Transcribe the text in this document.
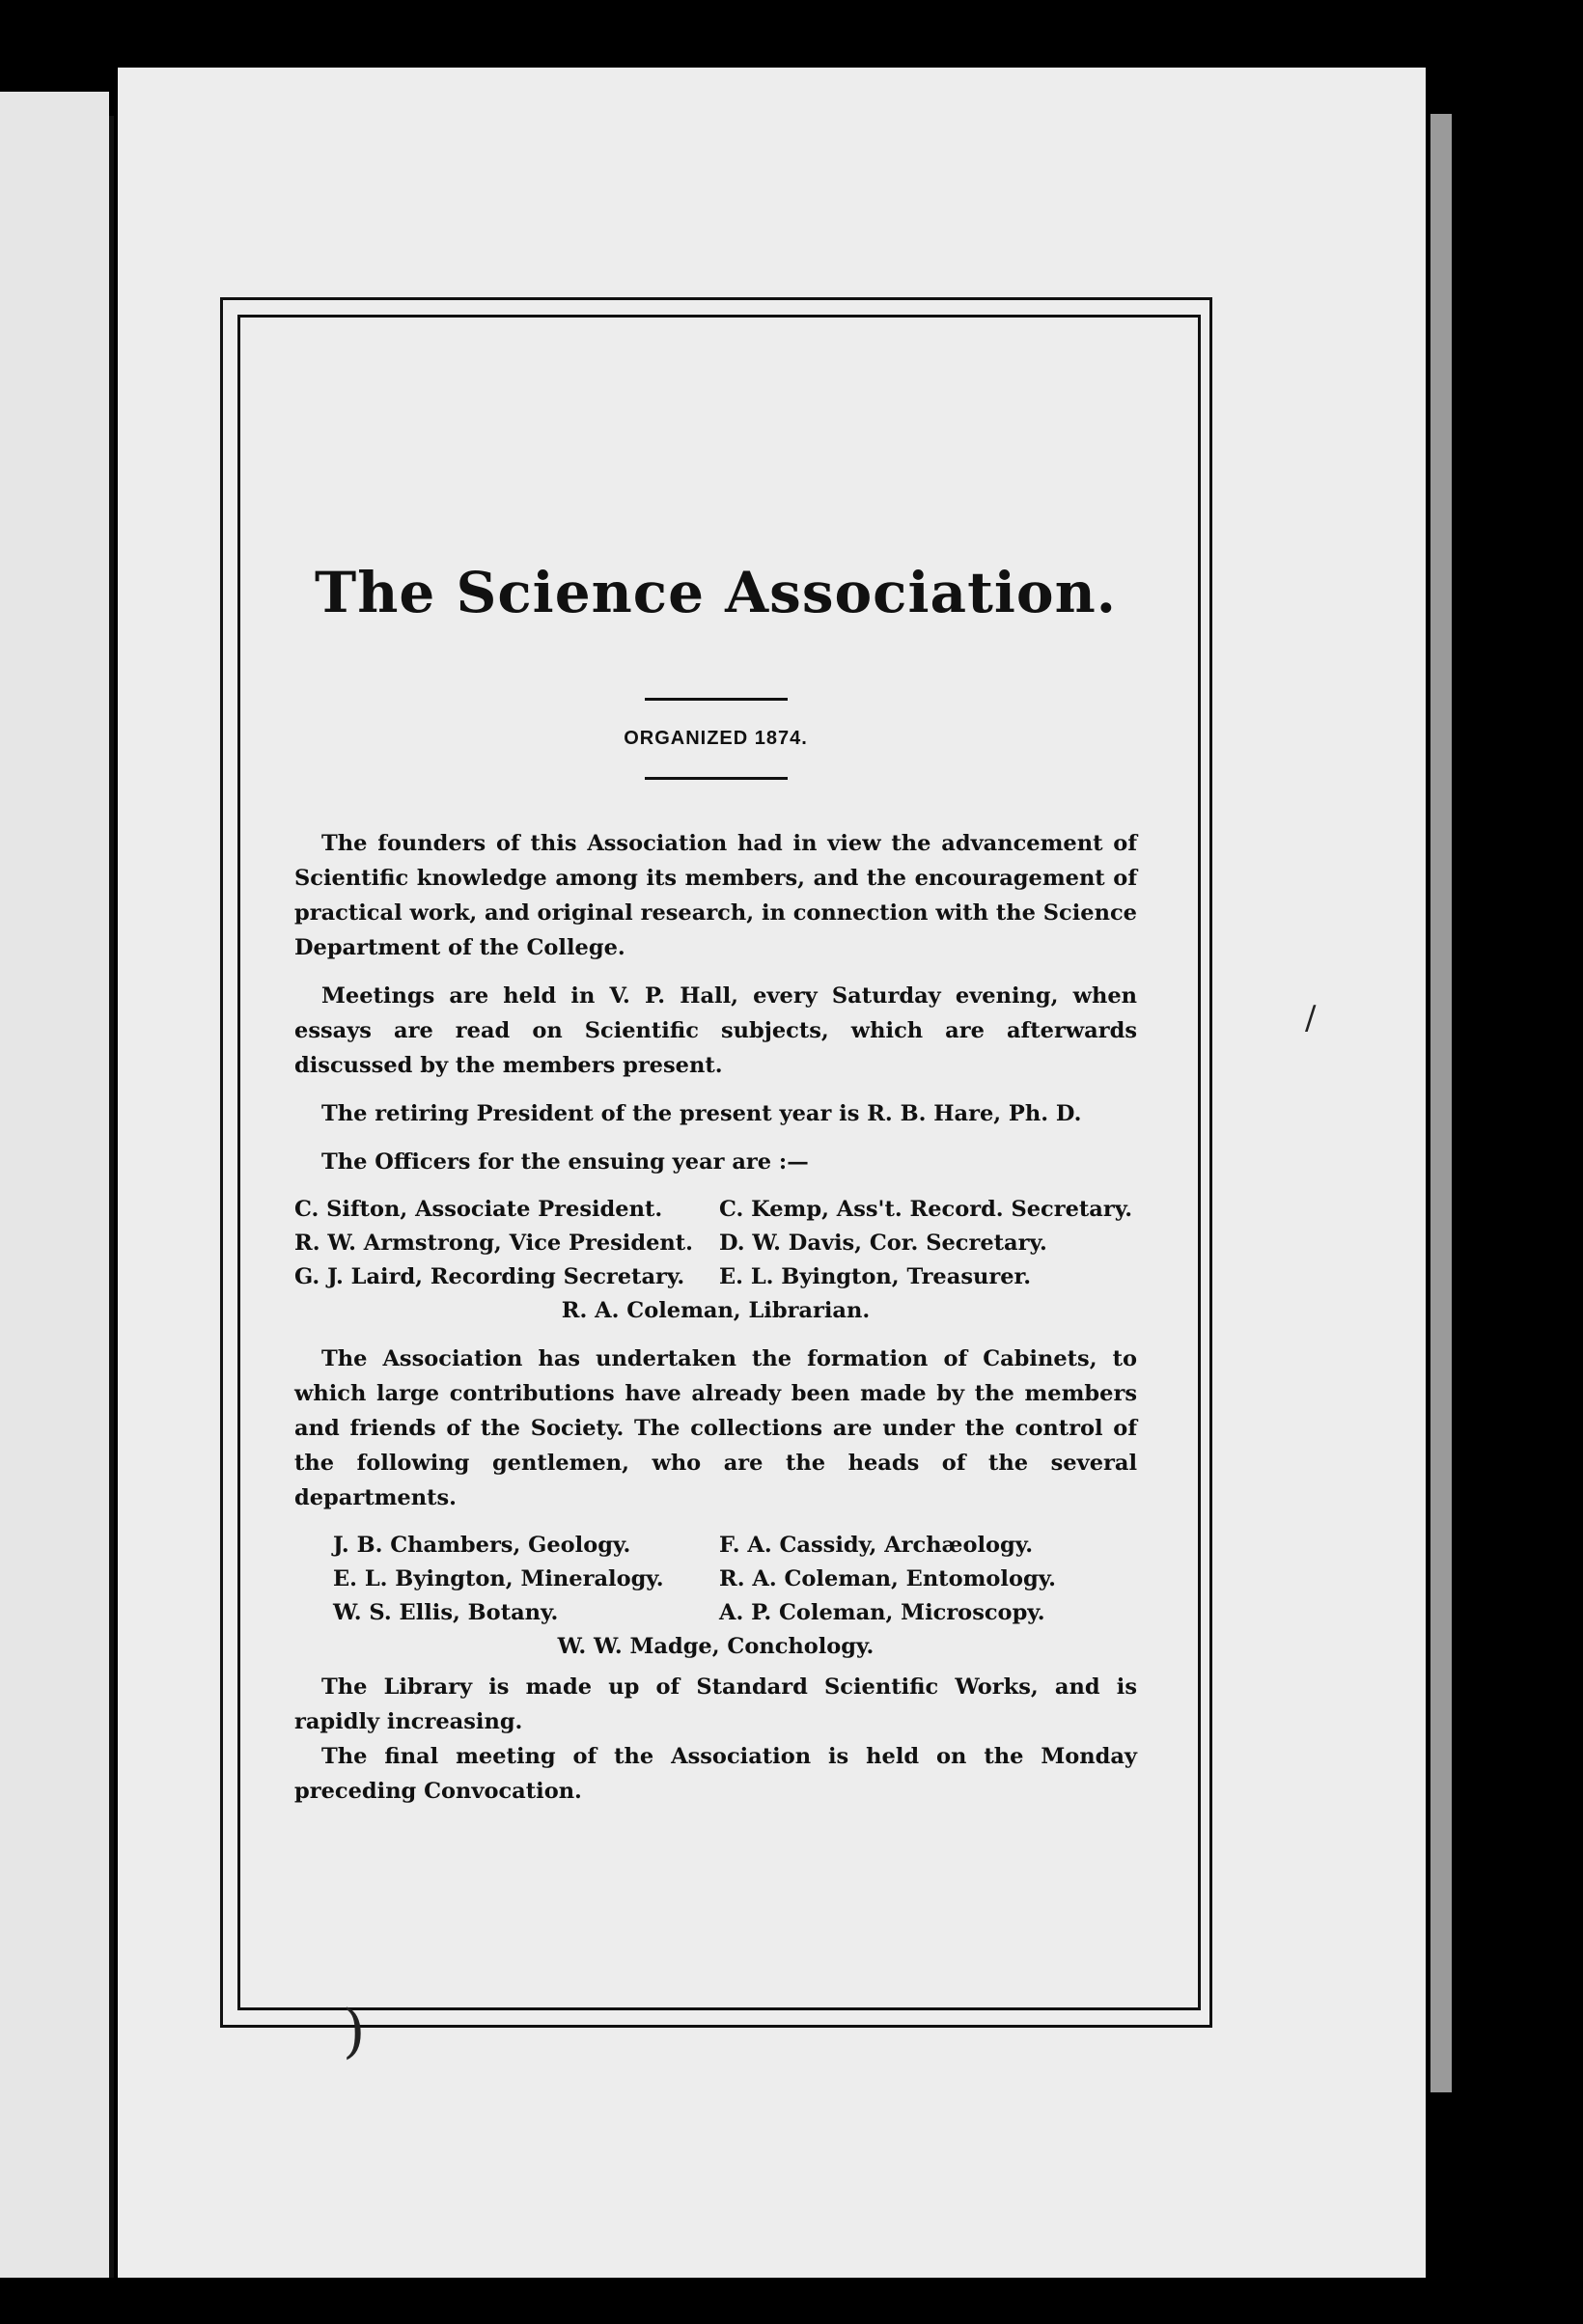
/
)
The Science Association.
ORGANIZED 1874.

The founders of this Association had in view the advancement of Scientific knowledge among its members, and the encouragement of practical work, and original research, in connection with the Science Department of the College.

Meetings are held in V. P. Hall, every Saturday evening, when essays are read on Scientific subjects, which are afterwards discussed by the members present.

The retiring President of the present year is R. B. Hare, Ph. D.

The Officers for the ensuing year are :—

C. Sifton, Associate President.	C. Kemp, Ass't. Record. Secretary.
R. W. Armstrong, Vice President.	D. W. Davis, Cor. Secretary.
G. J. Laird, Recording Secretary.	E. L. Byington, Treasurer.
R. A. Coleman, Librarian.

The Association has undertaken the formation of Cabinets, to which large contributions have already been made by the members and friends of the Society. The collections are under the control of the following gentlemen, who are the heads of the several departments.

J. B. Chambers, Geology.	F. A. Cassidy, Archæology.
E. L. Byington, Mineralogy.	R. A. Coleman, Entomology.
W. S. Ellis, Botany.	A. P. Coleman, Microscopy.
W. W. Madge, Conchology.

The Library is made up of Standard Scientific Works, and is rapidly increasing.

The final meeting of the Association is held on the Monday preceding Convocation.
